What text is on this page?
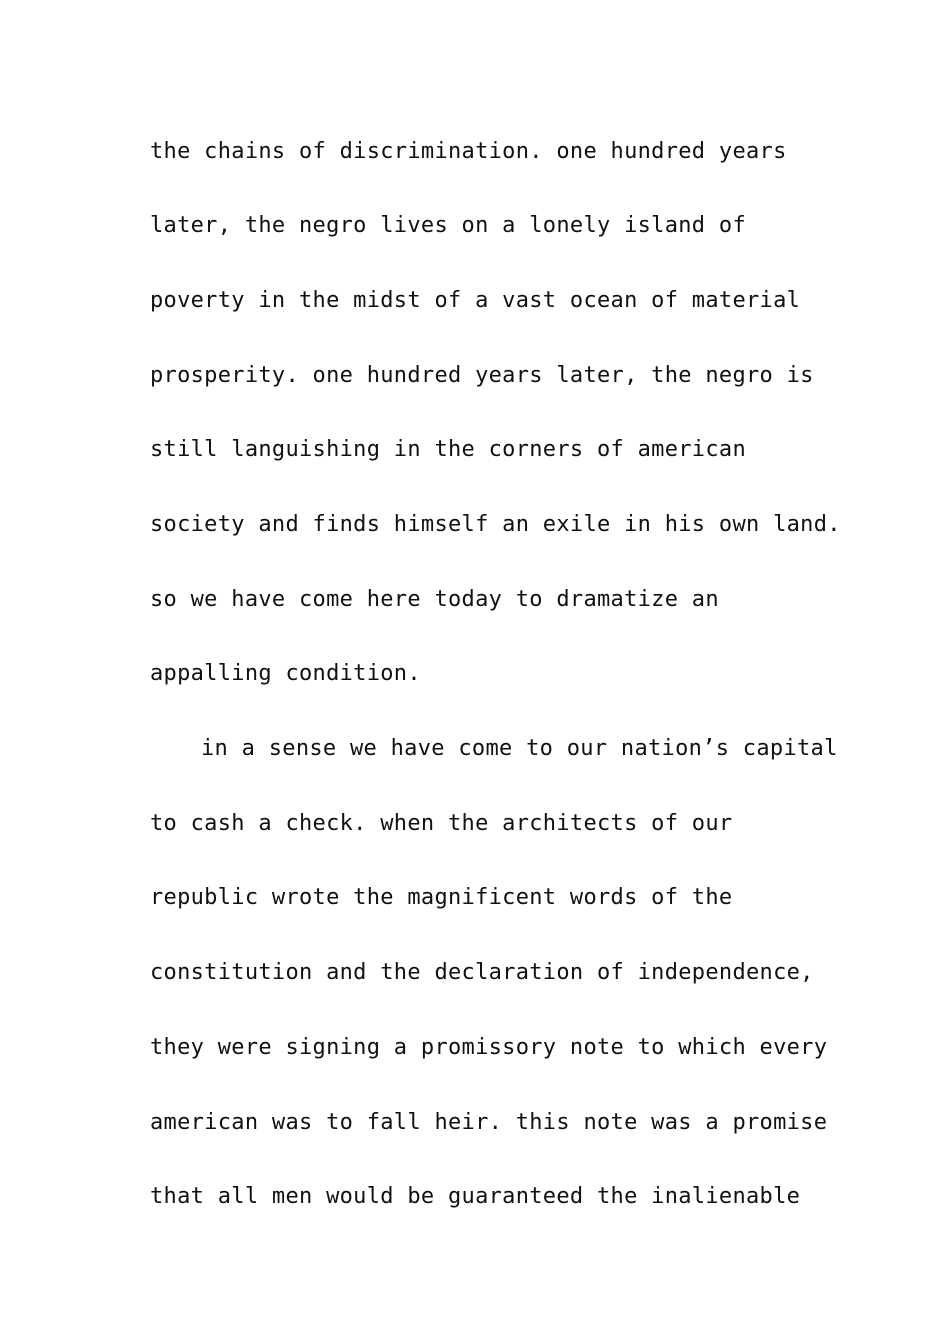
the chains of discrimination. one hundred years
later, the negro lives on a lonely island of
poverty in the midst of a vast ocean of material
prosperity. one hundred years later, the negro is
still languishing in the corners of american
society and finds himself an exile in his own land.
so we have come here today to dramatize an
appalling condition.
in a sense we have come to our nation’s capital
to cash a check. when the architects of our
republic wrote the magnificent words of the
constitution and the declaration of independence,
they were signing a promissory note to which every
american was to fall heir. this note was a promise
that all men would be guaranteed the inalienable
